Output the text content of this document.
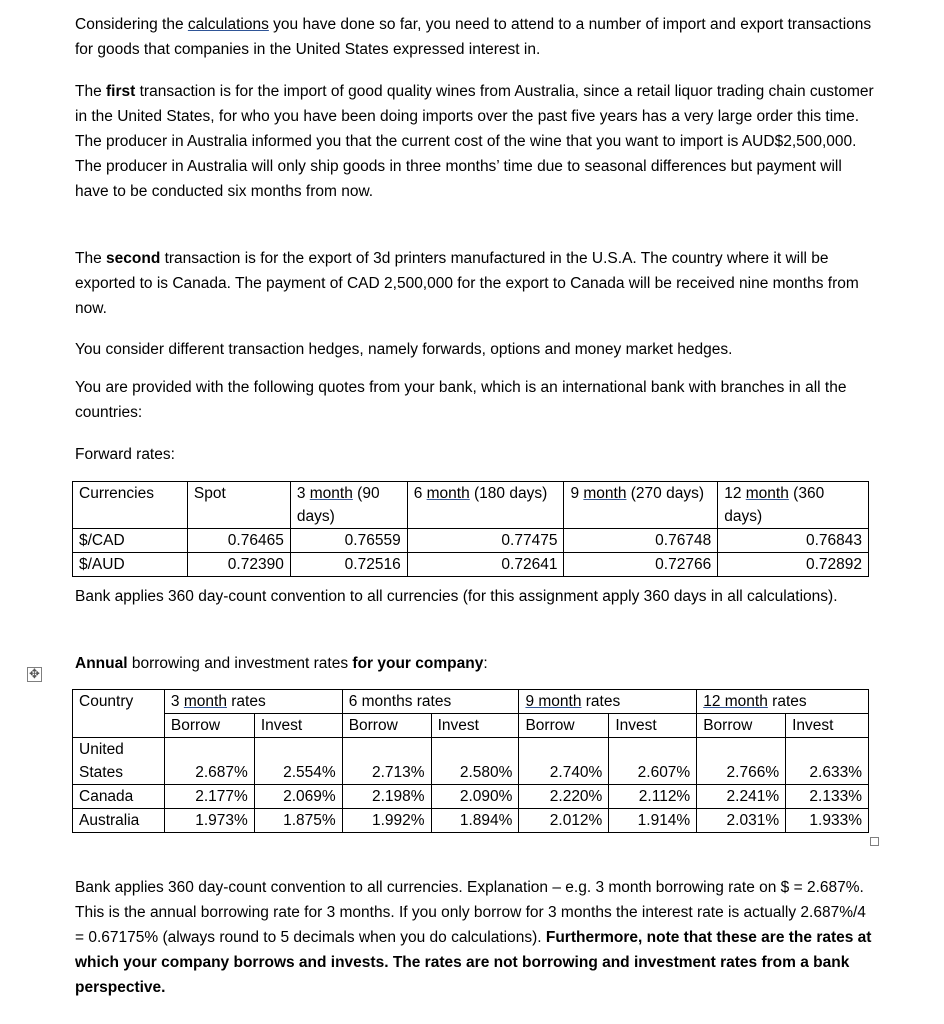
Considering the calculations you have done so far, you need to attend to a number of import and export transactions for goods that companies in the United States expressed interest in.

The first transaction is for the import of good quality wines from Australia, since a retail liquor trading chain customer in the United States, for who you have been doing imports over the past five years has a very large order this time. The producer in Australia informed you that the current cost of the wine that you want to import is AUD$2,500,000. The producer in Australia will only ship goods in three months’ time due to seasonal differences but payment will have to be conducted six months from now.

The second transaction is for the export of 3d printers manufactured in the U.S.A. The country where it will be exported to is Canada. The payment of CAD 2,500,000 for the export to Canada will be received nine months from now.

You consider different transaction hedges, namely forwards, options and money market hedges.

You are provided with the following quotes from your bank, which is an international bank with branches in all the countries:

Forward rates:

Currencies	Spot	3 month (90 days)	6 month (180 days)	9 month (270 days)	12 month (360 days)
$/CAD	0.76465	0.76559	0.77475	0.76748	0.76843
$/AUD	0.72390	0.72516	0.72641	0.72766	0.72892

Bank applies 360 day-count convention to all currencies (for this assignment apply 360 days in all calculations).

✥

Annual borrowing and investment rates for your company:

Country	3 month rates		6 months rates		9 month rates		12 month rates	
	Borrow	Invest	Borrow	Invest	Borrow	Invest	Borrow	Invest

United States	2.687%	2.554%	2.713%	2.580%	2.740%	2.607%	2.766%	2.633%
Canada	2.177%	2.069%	2.198%	2.090%	2.220%	2.112%	2.241%	2.133%
Australia	1.973%	1.875%	1.992%	1.894%	2.012%	1.914%	2.031%	1.933%

Bank applies 360 day-count convention to all currencies. Explanation – e.g. 3 month borrowing rate on $ = 2.687%. This is the annual borrowing rate for 3 months. If you only borrow for 3 months the interest rate is actually 2.687%/4 = 0.67175% (always round to 5 decimals when you do calculations). Furthermore, note that these are the rates at which your company borrows and invests. The rates are not borrowing and investment rates from a bank perspective.
